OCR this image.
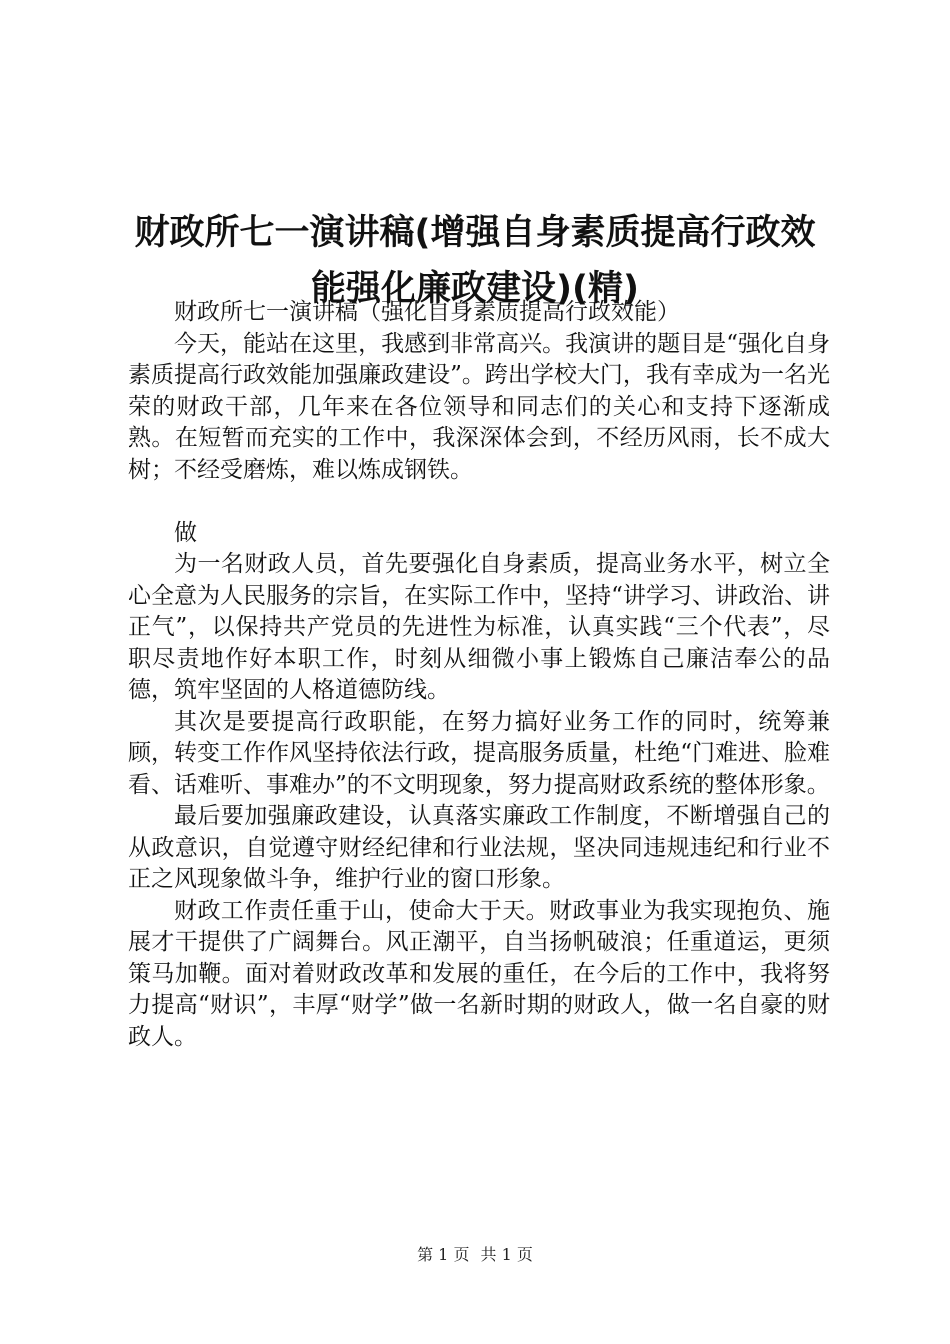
财政所七一演讲稿(增强自身素质提高行政效
能强化廉政建设)(精)

财政所七一演讲稿（强化自身素质提高行政效能）

今天，能站在这里，我感到非常高兴。我演讲的题目是“强化自身素质提高行政效能加强廉政建设”。跨出学校大门，我有幸成为一名光荣的财政干部，几年来在各位领导和同志们的关心和支持下逐渐成熟。在短暂而充实的工作中，我深深体会到，不经历风雨，长不成大树；不经受磨炼，难以炼成钢铁。

做

为一名财政人员，首先要强化自身素质，提高业务水平，树立全心全意为人民服务的宗旨，在实际工作中，坚持“讲学习、讲政治、讲正气”，以保持共产党员的先进性为标准，认真实践“三个代表”，尽职尽责地作好本职工作，时刻从细微小事上锻炼自己廉洁奉公的品德，筑牢坚固的人格道德防线。

其次是要提高行政职能，在努力搞好业务工作的同时，统筹兼顾，转变工作作风坚持依法行政，提高服务质量，杜绝“门难进、脸难看、话难听、事难办”的不文明现象，努力提高财政系统的整体形象。

最后要加强廉政建设，认真落实廉政工作制度，不断增强自己的从政意识，自觉遵守财经纪律和行业法规，坚决同违规违纪和行业不正之风现象做斗争，维护行业的窗口形象。

财政工作责任重于山，使命大于天。财政事业为我实现抱负、施展才干提供了广阔舞台。风正潮平，自当扬帆破浪；任重道运，更须策马加鞭。面对着财政改革和发展的重任，在今后的工作中，我将努力提高“财识”，丰厚“财学”做一名新时期的财政人，做一名自豪的财政人。

第 1 页 共 1 页
